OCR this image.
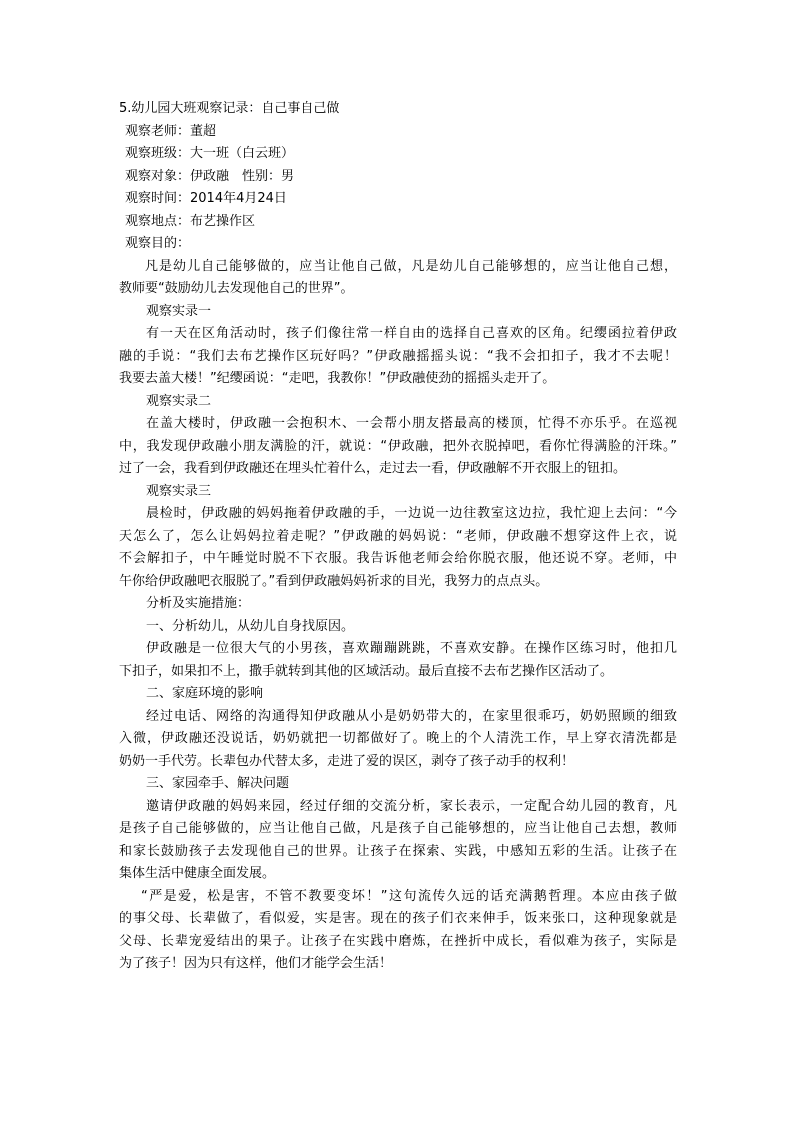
5.幼儿园大班观察记录：自己事自己做
观察老师：董超
观察班级：大一班（白云班）
观察对象：伊政融　性别：男
观察时间：2014年4月24日
观察地点：布艺操作区
观察目的：
凡是幼儿自己能够做的，应当让他自己做，凡是幼儿自己能够想的，应当让他自己想，
教师要“鼓励幼儿去发现他自己的世界”。
观察实录一
有一天在区角活动时，孩子们像往常一样自由的选择自己喜欢的区角。纪缨函拉着伊政
融的手说：“我们去布艺操作区玩好吗？”伊政融摇摇头说：“我不会扣扣子，我才不去呢！
我要去盖大楼！”纪缨函说：“走吧，我教你！”伊政融使劲的摇摇头走开了。
观察实录二
在盖大楼时，伊政融一会抱积木、一会帮小朋友搭最高的楼顶，忙得不亦乐乎。在巡视
中，我发现伊政融小朋友满脸的汗，就说：“伊政融，把外衣脱掉吧，看你忙得满脸的汗珠。”
过了一会，我看到伊政融还在埋头忙着什么，走过去一看，伊政融解不开衣服上的钮扣。
观察实录三
晨检时，伊政融的妈妈拖着伊政融的手，一边说一边往教室这边拉，我忙迎上去问：“今
天怎么了，怎么让妈妈拉着走呢？”伊政融的妈妈说：“老师，伊政融不想穿这件上衣，说
不会解扣子，中午睡觉时脱不下衣服。我告诉他老师会给你脱衣服，他还说不穿。老师，中
午你给伊政融吧衣服脱了。”看到伊政融妈妈祈求的目光，我努力的点点头。
分析及实施措施：
一、分析幼儿，从幼儿自身找原因。
伊政融是一位很大气的小男孩，喜欢蹦蹦跳跳，不喜欢安静。在操作区练习时，他扣几
下扣子，如果扣不上，撒手就转到其他的区域活动。最后直接不去布艺操作区活动了。
二、家庭环境的影响
经过电话、网络的沟通得知伊政融从小是奶奶带大的，在家里很乖巧，奶奶照顾的细致
入微，伊政融还没说话，奶奶就把一切都做好了。晚上的个人清洗工作，早上穿衣清洗都是
奶奶一手代劳。长辈包办代替太多，走进了爱的误区，剥夺了孩子动手的权利！
三、家园牵手、解决问题
邀请伊政融的妈妈来园，经过仔细的交流分析，家长表示，一定配合幼儿园的教育，凡
是孩子自己能够做的，应当让他自己做，凡是孩子自己能够想的，应当让他自己去想，教师
和家长鼓励孩子去发现他自己的世界。让孩子在探索、实践，中感知五彩的生活。让孩子在
集体生活中健康全面发展。
“严是爱，松是害，不管不教要变坏！”这句流传久远的话充满鹅哲理。本应由孩子做
的事父母、长辈做了，看似爱，实是害。现在的孩子们衣来伸手，饭来张口，这种现象就是
父母、长辈宠爱结出的果子。让孩子在实践中磨炼，在挫折中成长，看似难为孩子，实际是
为了孩子！因为只有这样，他们才能学会生活！
